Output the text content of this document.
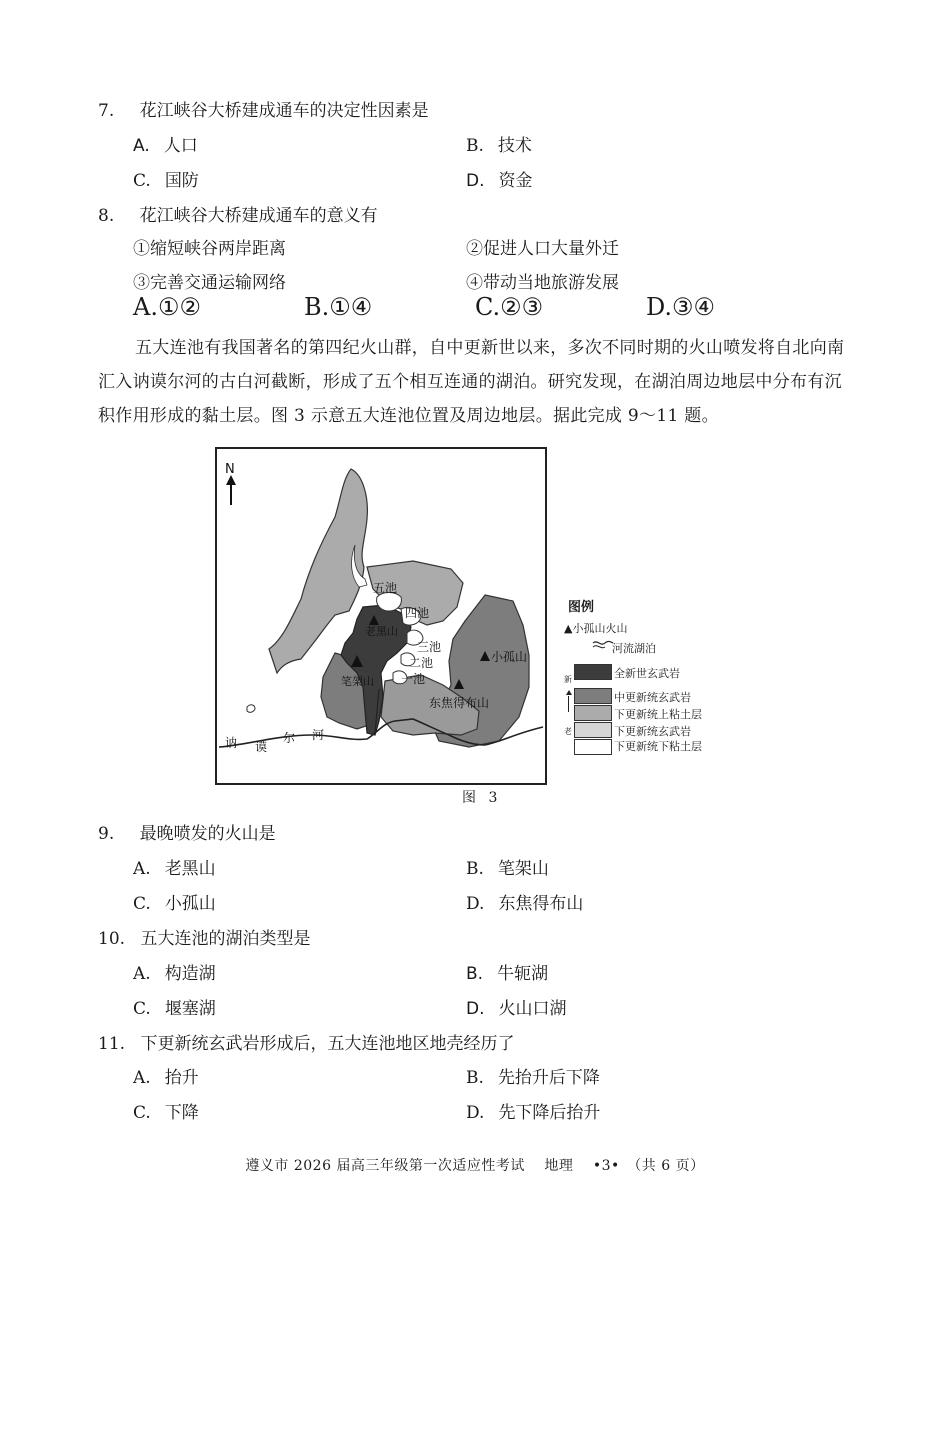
7. 花江峡谷大桥建成通车的决定性因素是
A. 人口	B. 技术
C. 国防	D. 资金
8. 花江峡谷大桥建成通车的意义有
①缩短峡谷两岸距离	②促进人口大量外迁
③完善交通运输网络	④带动当地旅游发展
A.①②	B.①④	C.②③	D.③④
五大连池有我国著名的第四纪火山群，自中更新世以来，多次不同时期的火山喷发将自北向南汇入讷谟尔河的古白河截断，形成了五个相互连通的湖泊。研究发现，在湖泊周边地层中分布有沉积作用形成的黏土层。图 3 示意五大连池位置及周边地层。据此完成 9～11 题。
N
五池
四池
三池
二池
一池
老黑山
笔架山
小孤山
东焦得布山
讷 谟
尔 河
图例
▲小孤山火山
河流湖泊
新
老
全新世玄武岩
中更新统玄武岩
下更新统上粘土层
下更新统玄武岩
下更新统下粘土层
图 3
9. 最晚喷发的火山是
A. 老黑山	B. 笔架山
C. 小孤山	D. 东焦得布山
10. 五大连池的湖泊类型是
A. 构造湖	B. 牛轭湖
C. 堰塞湖	D. 火山口湖
11. 下更新统玄武岩形成后，五大连池地区地壳经历了
A. 抬升	B. 先抬升后下降
C. 下降	D. 先下降后抬升
遵义市 2026 届高三年级第一次适应性考试　 地理　 •3•　（共 6 页）
